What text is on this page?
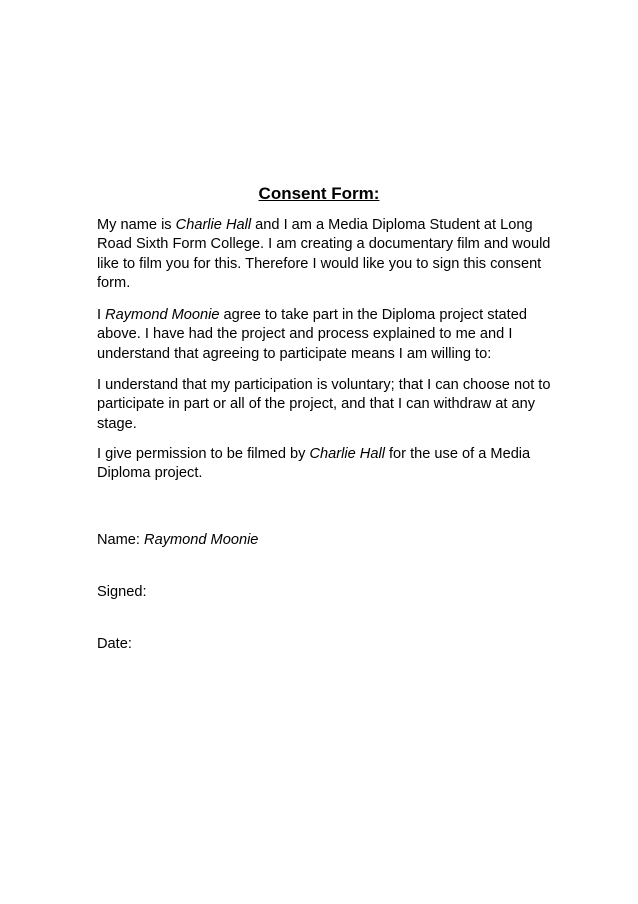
Consent Form:

My name is Charlie Hall and I am a Media Diploma Student at Long Road Sixth Form College. I am creating a documentary film and would like to film you for this. Therefore I would like you to sign this consent form.

I Raymond Moonie agree to take part in the Diploma project stated above. I have had the project and process explained to me and I understand that agreeing to participate means I am willing to:

I understand that my participation is voluntary; that I can choose not to participate in part or all of the project, and that I can withdraw at any stage.

I give permission to be filmed by Charlie Hall for the use of a Media Diploma project.

Name: Raymond Moonie
Signed:
Date:
